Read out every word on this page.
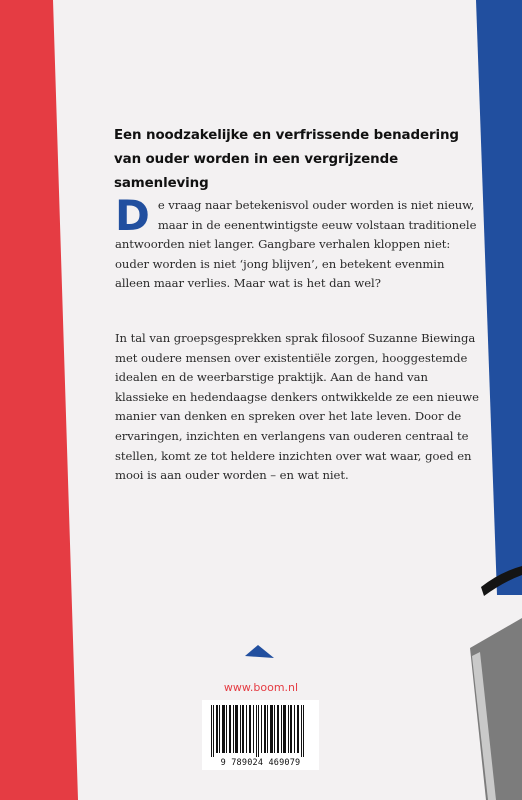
Een noodzakelijke en verfrissende benadering van ouder worden in een vergrijzende samenleving

De vraag naar betekenisvol ouder worden is niet nieuw, maar in de eenentwintigste eeuw volstaan traditionele antwoorden niet langer. Gangbare verhalen kloppen niet: ouder worden is niet ‘jong blijven’, en betekent evenmin alleen maar verlies. Maar wat is het dan wel?

In tal van groepsgesprekken sprak filosoof Suzanne Biewinga met oudere mensen over existentiële zorgen, hooggestemde idealen en de weerbarstige praktijk. Aan de hand van klassieke en hedendaagse denkers ontwikkelde ze een nieuwe manier van denken en spreken over het late leven. Door de ervaringen, inzichten en verlangens van ouderen centraal te stellen, komt ze tot heldere inzichten over wat waar, goed en mooi is aan ouder worden – en wat niet.

www.boom.nl

9 789024 469079
